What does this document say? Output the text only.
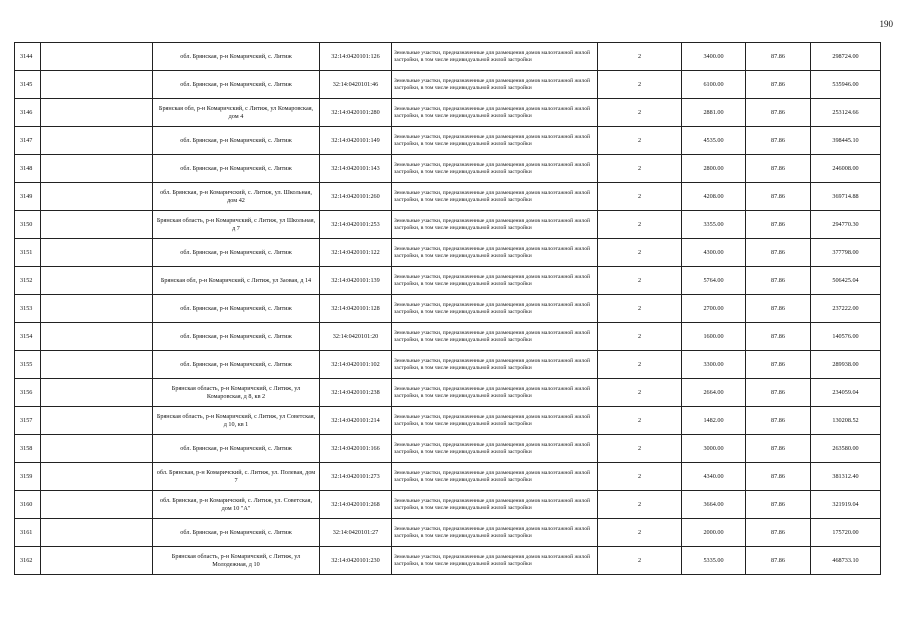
190
3144		обл. Брянская, р-н Комаричский, с. Литиж	32:14:0420101:126	Земельные участки, предназначенные для размещения домов малоэтажной жилой застройки, в том числе индивидуальной жилой застройки	2	3400.00	87.86	298724.00
3145		обл. Брянская, р-н Комаричский, с. Литиж	32:14:0420101:46	Земельные участки, предназначенные для размещения домов малоэтажной жилой застройки, в том числе индивидуальной жилой застройки	2	6100.00	87.86	535946.00
3146		Брянская обл, р-н Комаричский, с Литиж, ул Комаровская, дом 4	32:14:0420101:280	Земельные участки, предназначенные для размещения домов малоэтажной жилой застройки, в том числе индивидуальной жилой застройки	2	2881.00	87.86	253124.66
3147		обл. Брянская, р-н Комаричский, с. Литиж	32:14:0420101:149	Земельные участки, предназначенные для размещения домов малоэтажной жилой застройки, в том числе индивидуальной жилой застройки	2	4535.00	87.86	398445.10
3148		обл. Брянская, р-н Комаричский, с. Литиж	32:14:0420101:143	Земельные участки, предназначенные для размещения домов малоэтажной жилой застройки, в том числе индивидуальной жилой застройки	2	2800.00	87.86	246008.00
3149		обл. Брянская, р-н Комаричский, с. Литиж, ул. Школьная, дом 42	32:14:0420101:260	Земельные участки, предназначенные для размещения домов малоэтажной жилой застройки, в том числе индивидуальной жилой застройки	2	4208.00	87.86	369714.88
3150		Брянская область, р-н Комаричский, с Литиж, ул Школьная, д 7	32:14:0420101:253	Земельные участки, предназначенные для размещения домов малоэтажной жилой застройки, в том числе индивидуальной жилой застройки	2	3355.00	87.86	294770.30
3151		обл. Брянская, р-н Комаричский, с. Литиж	32:14:0420101:122	Земельные участки, предназначенные для размещения домов малоэтажной жилой застройки, в том числе индивидуальной жилой застройки	2	4300.00	87.86	377798.00
3152		Брянская обл, р-н Комаричский, с Литиж, ул Заовая, д 14	32:14:0420101:139	Земельные участки, предназначенные для размещения домов малоэтажной жилой застройки, в том числе индивидуальной жилой застройки	2	5764.00	87.86	506425.04
3153		обл. Брянская, р-н Комаричский, с. Литиж	32:14:0420101:128	Земельные участки, предназначенные для размещения домов малоэтажной жилой застройки, в том числе индивидуальной жилой застройки	2	2700.00	87.86	237222.00
3154		обл. Брянская, р-н Комаричский, с. Литиж	32:14:0420101:20	Земельные участки, предназначенные для размещения домов малоэтажной жилой застройки, в том числе индивидуальной жилой застройки	2	1600.00	87.86	140576.00
3155		обл. Брянская, р-н Комаричский, с. Литиж	32:14:0420101:102	Земельные участки, предназначенные для размещения домов малоэтажной жилой застройки, в том числе индивидуальной жилой застройки	2	3300.00	87.86	289938.00
3156		Брянская область, р-н Комаричский, с Литиж, ул Комаровская, д 8, кв 2	32:14:0420101:238	Земельные участки, предназначенные для размещения домов малоэтажной жилой застройки, в том числе индивидуальной жилой застройки	2	2664.00	87.86	234059.04
3157		Брянская область, р-н Комаричский, с Литиж, ул Советская, д 10, кв 1	32:14:0420101:214	Земельные участки, предназначенные для размещения домов малоэтажной жилой застройки, в том числе индивидуальной жилой застройки	2	1482.00	87.86	130208.52
3158		обл. Брянская, р-н Комаричский, с. Литиж	32:14:0420101:166	Земельные участки, предназначенные для размещения домов малоэтажной жилой застройки, в том числе индивидуальной жилой застройки	2	3000.00	87.86	263580.00
3159		обл. Брянская, р-н Комаричский, с. Литиж, ул. Полевая, дом 7	32:14:0420101:273	Земельные участки, предназначенные для размещения домов малоэтажной жилой застройки, в том числе индивидуальной жилой застройки	2	4340.00	87.86	381312.40
3160		обл. Брянская, р-н Комаричский, с. Литиж, ул. Советская, дом 10 "А"	32:14:0420101:268	Земельные участки, предназначенные для размещения домов малоэтажной жилой застройки, в том числе индивидуальной жилой застройки	2	3664.00	87.86	321919.04
3161		обл. Брянская, р-н Комаричский, с. Литиж	32:14:0420101:27	Земельные участки, предназначенные для размещения домов малоэтажной жилой застройки, в том числе индивидуальной жилой застройки	2	2000.00	87.86	175720.00
3162		Брянская область, р-н Комаричский, с Литиж, ул Молодежная, д 10	32:14:0420101:230	Земельные участки, предназначенные для размещения домов малоэтажной жилой застройки, в том числе индивидуальной жилой застройки	2	5335.00	87.86	468733.10
